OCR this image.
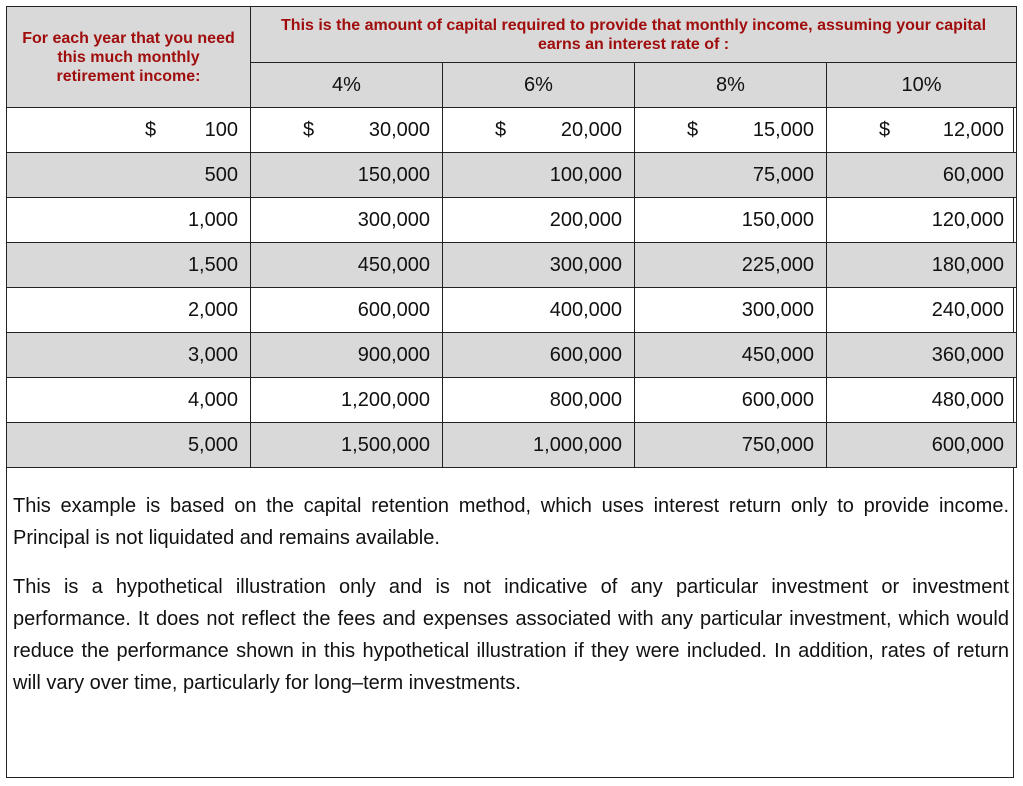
For each year that you need this much monthly retirement income:	This is the amount of capital required to provide that monthly income, assuming your capital earns an interest rate of :			
	4%	6%	8%	10%

$ 100	$ 30,000	$ 20,000	$ 15,000	$ 12,000
500	150,000	100,000	75,000	60,000
1,000	300,000	200,000	150,000	120,000
1,500	450,000	300,000	225,000	180,000
2,000	600,000	400,000	300,000	240,000
3,000	900,000	600,000	450,000	360,000
4,000	1,200,000	800,000	600,000	480,000
5,000	1,500,000	1,000,000	750,000	600,000

This example is based on the capital retention method, which uses interest return only to provide income. Principal is not liquidated and remains available.

This is a hypothetical illustration only and is not indicative of any particular investment or investment performance. It does not reflect the fees and expenses associated with any particular investment, which would reduce the performance shown in this hypothetical illustration if they were included. In addition, rates of return will vary over time, particularly for long–term investments.
